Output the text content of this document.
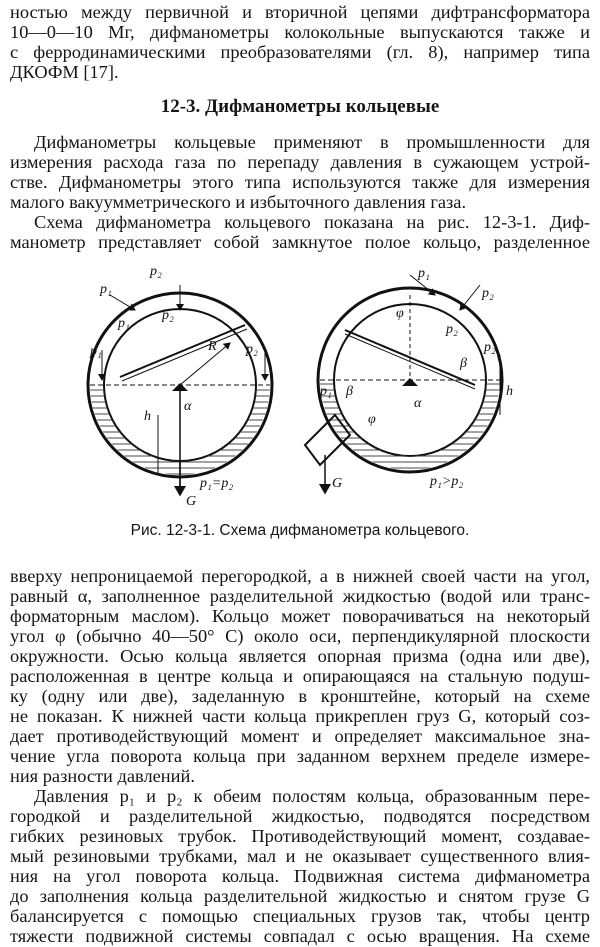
ностью между первичной и вторичной цепями дифтрансформатора
10—0—10 Мг, дифманометры колокольные выпускаются также и
с ферродинамическими преобразователями (гл. 8), например типа
ДКОФМ [17].
12-3. Дифманометры кольцевые
Дифманометры кольцевые применяют в промышленности для
измерения расхода газа по перепаду давления в сужающем устрой-
стве. Дифманометры этого типа используются также для измерения
малого вакуумметрического и избыточного давления газа.
Схема дифманометра кольцевого показана на рис. 12-3-1. Диф-
манометр представляет собой замкнутое полое кольцо, разделенное
p₂
p₁
p₁
p₂
p₁	p₂
R
α
h
G
p₁=p₂
p₁
p₂
p₂
p₂
φ
φ
β
β
p₁
α
h
G	p₁>p₂
Рис. 12-3-1. Схема дифманометра кольцевого.
вверху непроницаемой перегородкой, а в нижней своей части на угол,
равный α, заполненное разделительной жидкостью (водой или транс-
форматорным маслом). Кольцо может поворачиваться на некоторый
угол φ (обычно 40—50° С) около оси, перпендикулярной плоскости
окружности. Осью кольца является опорная призма (одна или две),
расположенная в центре кольца и опирающаяся на стальную подуш-
ку (одну или две), заделанную в кронштейне, который на схеме
не показан. К нижней части кольца прикреплен груз G, который соз-
дает противодействующий момент и определяет максимальное зна-
чение угла поворота кольца при заданном верхнем пределе измере-
ния разности давлений.
Давления p₁ и p₂ к обеим полостям кольца, образованным пере-
городкой и разделительной жидкостью, подводятся посредством
гибких резиновых трубок. Противодействующий момент, создавае-
мый резиновыми трубками, мал и не оказывает существенного влия-
ния на угол поворота кольца. Подвижная система дифманометра
до заполнения кольца разделительной жидкостью и снятом грузе G
балансируется с помощью специальных грузов так, чтобы центр
тяжести подвижной системы совпадал с осью вращения. На схеме
